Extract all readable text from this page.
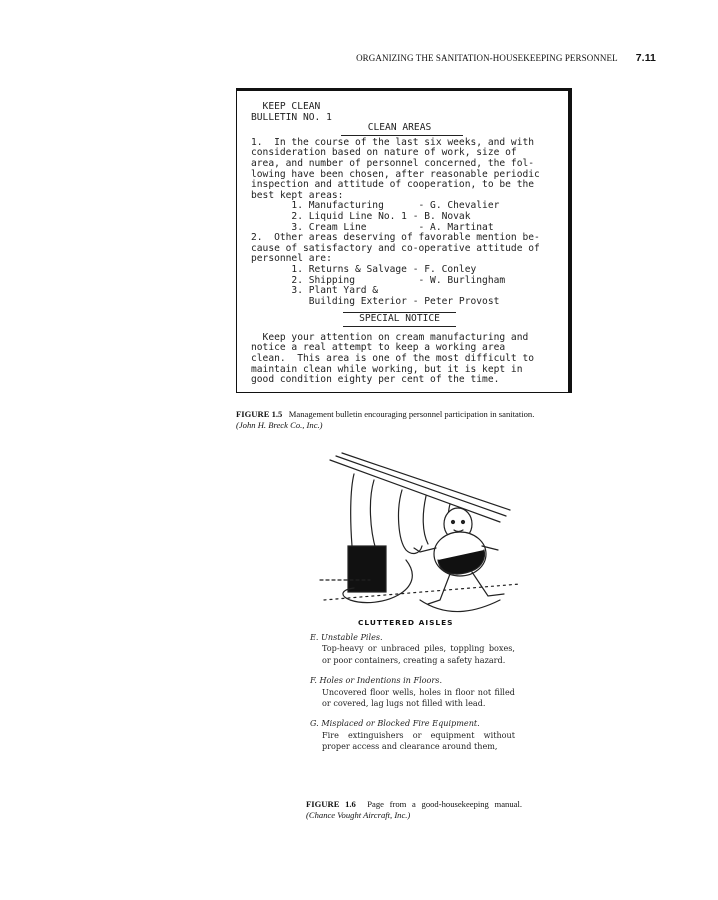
ORGANIZING THE SANITATION-HOUSEKEEPING PERSONNEL 7.11
KEEP CLEAN
BULLETIN NO. 1
CLEAN AREAS
1.  In the course of the last six weeks, and with
consideration based on nature of work, size of
area, and number of personnel concerned, the fol-
lowing have been chosen, after reasonable periodic
inspection and attitude of cooperation, to be the
best kept areas:
1. Manufacturing      - G. Chevalier
2. Liquid Line No. 1 - B. Novak
3. Cream Line         - A. Martinat
2.  Other areas deserving of favorable mention be-
cause of satisfactory and co-operative attitude of
personnel are:
1. Returns & Salvage - F. Conley
2. Shipping           - W. Burlingham
3. Plant Yard &
Building Exterior - Peter Provost
SPECIAL NOTICE
Keep your attention on cream manufacturing and
notice a real attempt to keep a working area
clean.  This area is one of the most difficult to
maintain clean while working, but it is kept in
good condition eighty per cent of the time.
FIGURE 1.5 Management bulletin encouraging personnel participation in sanitation.
(John H. Breck Co., Inc.)
CLUTTERED AISLES
E. Unstable Piles.
Top-heavy or unbraced piles, toppling boxes, or poor containers, creating a safety hazard.
F. Holes or Indentions in Floors.
Uncovered floor wells, holes in floor not filled or covered, lag lugs not filled with lead.
G. Misplaced or Blocked Fire Equipment.
Fire extinguishers or equipment without proper access and clearance around them,
FIGURE 1.6 Page from a good-housekeeping manual. (Chance Vought Aircraft, Inc.)
